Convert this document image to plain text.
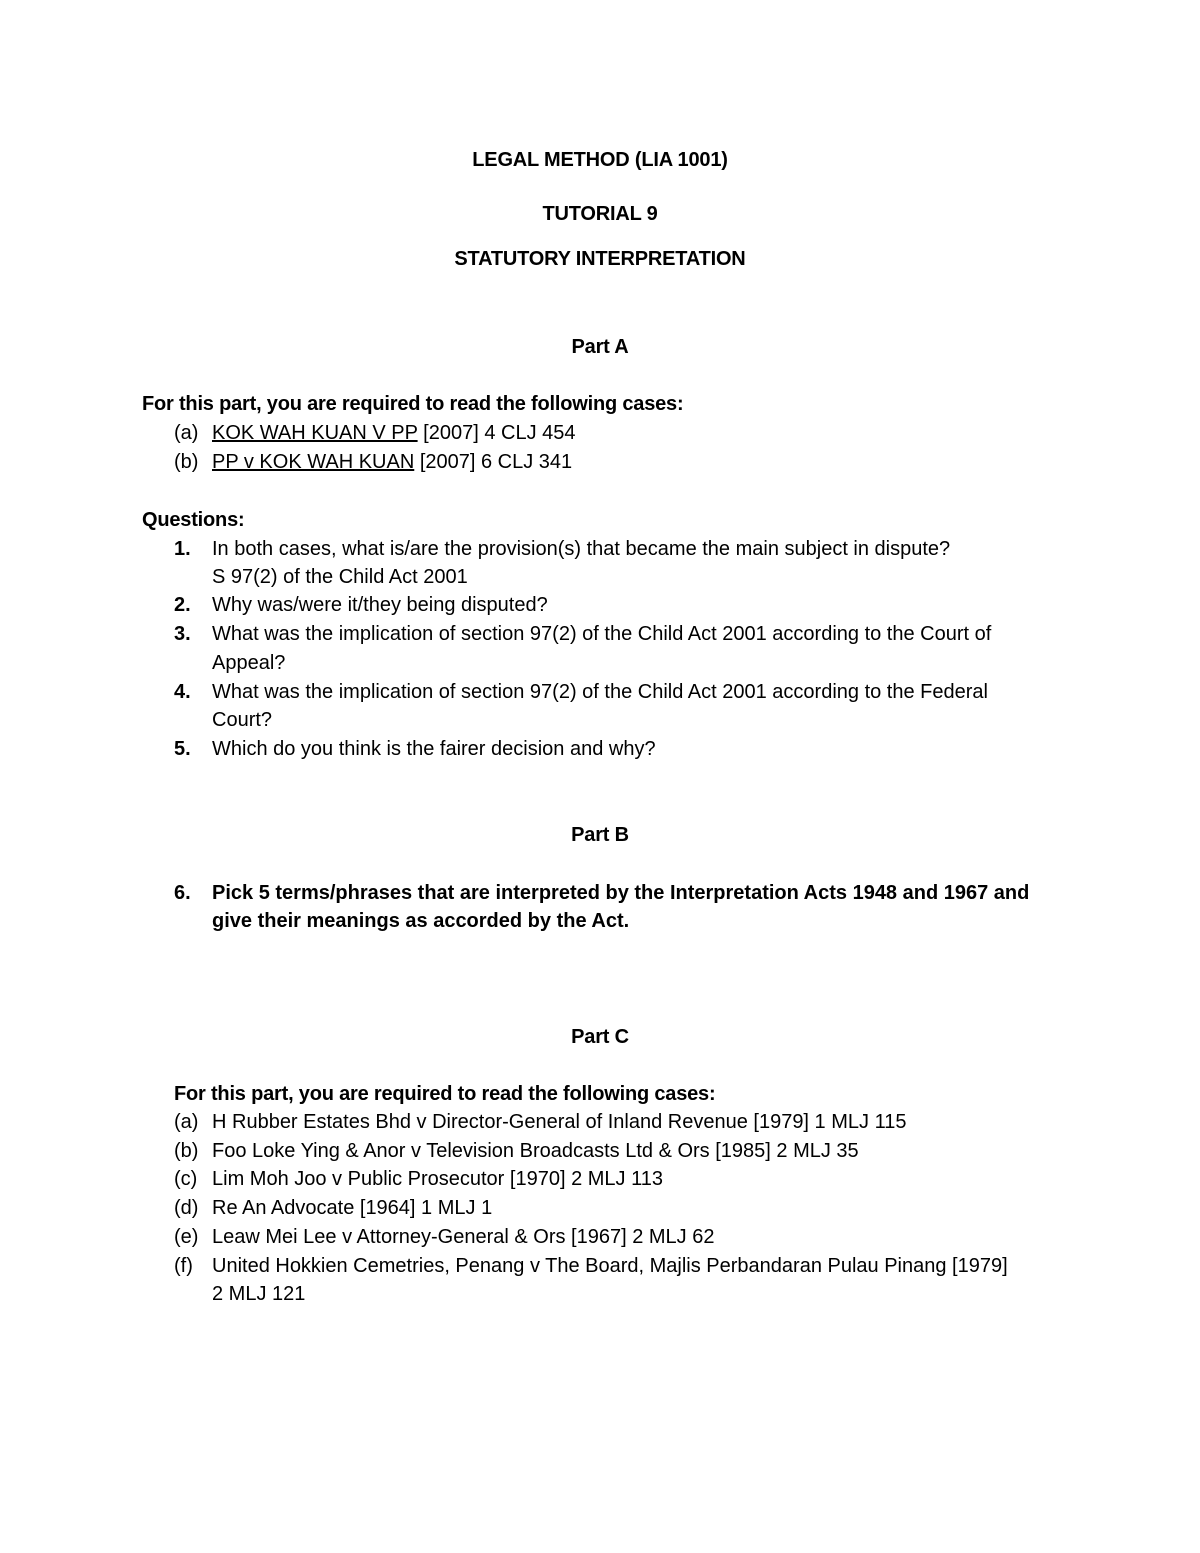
LEGAL METHOD (LIA 1001)
TUTORIAL 9
STATUTORY INTERPRETATION
Part A
For this part, you are required to read the following cases:
(a) KOK WAH KUAN V PP [2007] 4 CLJ 454
(b) PP v KOK WAH KUAN [2007] 6 CLJ 341
Questions:
1. In both cases, what is/are the provision(s) that became the main subject in dispute?
S 97(2) of the Child Act 2001
2. Why was/were it/they being disputed?
3. What was the implication of section 97(2) of the Child Act 2001 according to the Court of
Appeal?
4. What was the implication of section 97(2) of the Child Act 2001 according to the Federal
Court?
5. Which do you think is the fairer decision and why?
Part B
6. Pick 5 terms/phrases that are interpreted by the Interpretation Acts 1948 and 1967 and
give their meanings as accorded by the Act.
Part C
For this part, you are required to read the following cases:
(a) H Rubber Estates Bhd v Director-General of Inland Revenue [1979] 1 MLJ 115
(b) Foo Loke Ying & Anor v Television Broadcasts Ltd & Ors [1985] 2 MLJ 35
(c) Lim Moh Joo v Public Prosecutor [1970] 2 MLJ 113
(d) Re An Advocate [1964] 1 MLJ 1
(e) Leaw Mei Lee v Attorney-General & Ors [1967] 2 MLJ 62
(f) United Hokkien Cemetries, Penang v The Board, Majlis Perbandaran Pulau Pinang [1979]
2 MLJ 121
